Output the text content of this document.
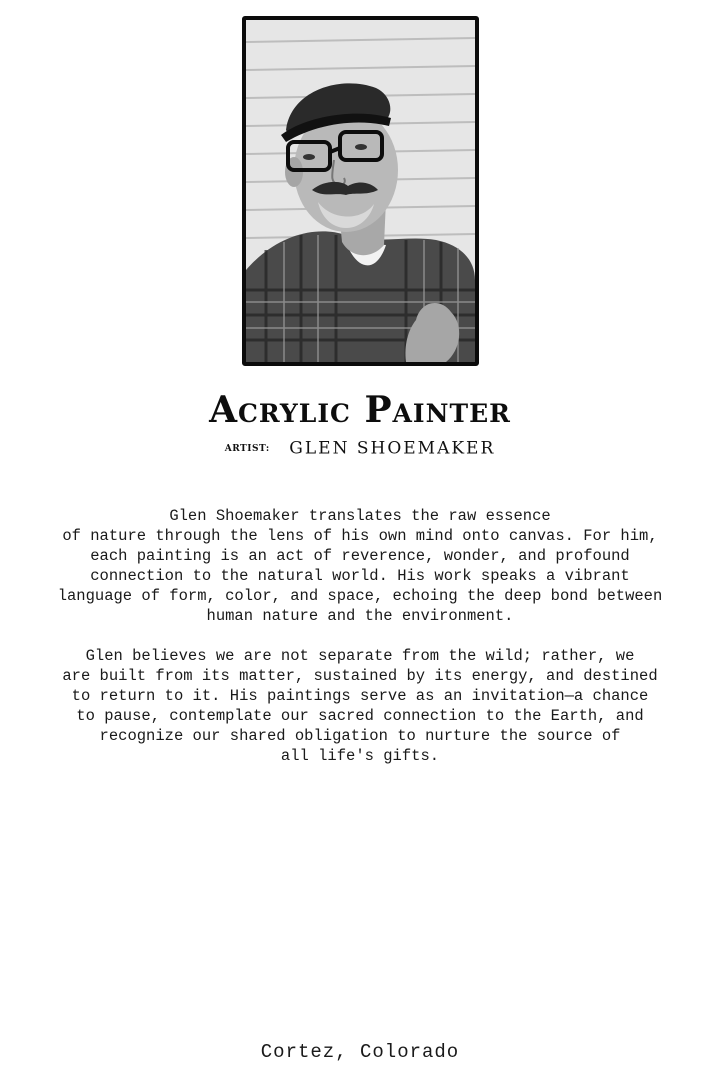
Acrylic Painter
ARTIST: GLEN SHOEMAKER
Glen Shoemaker translates the raw essence
of nature through the lens of his own mind onto canvas. For him,
each painting is an act of reverence, wonder, and profound
connection to the natural world. His work speaks a vibrant
language of form, color, and space, echoing the deep bond between
human nature and the environment.
Glen believes we are not separate from the wild; rather, we
are built from its matter, sustained by its energy, and destined
to return to it. His paintings serve as an invitation—a chance
to pause, contemplate our sacred connection to the Earth, and
recognize our shared obligation to nurture the source of
all life's gifts.
Cortez, Colorado
